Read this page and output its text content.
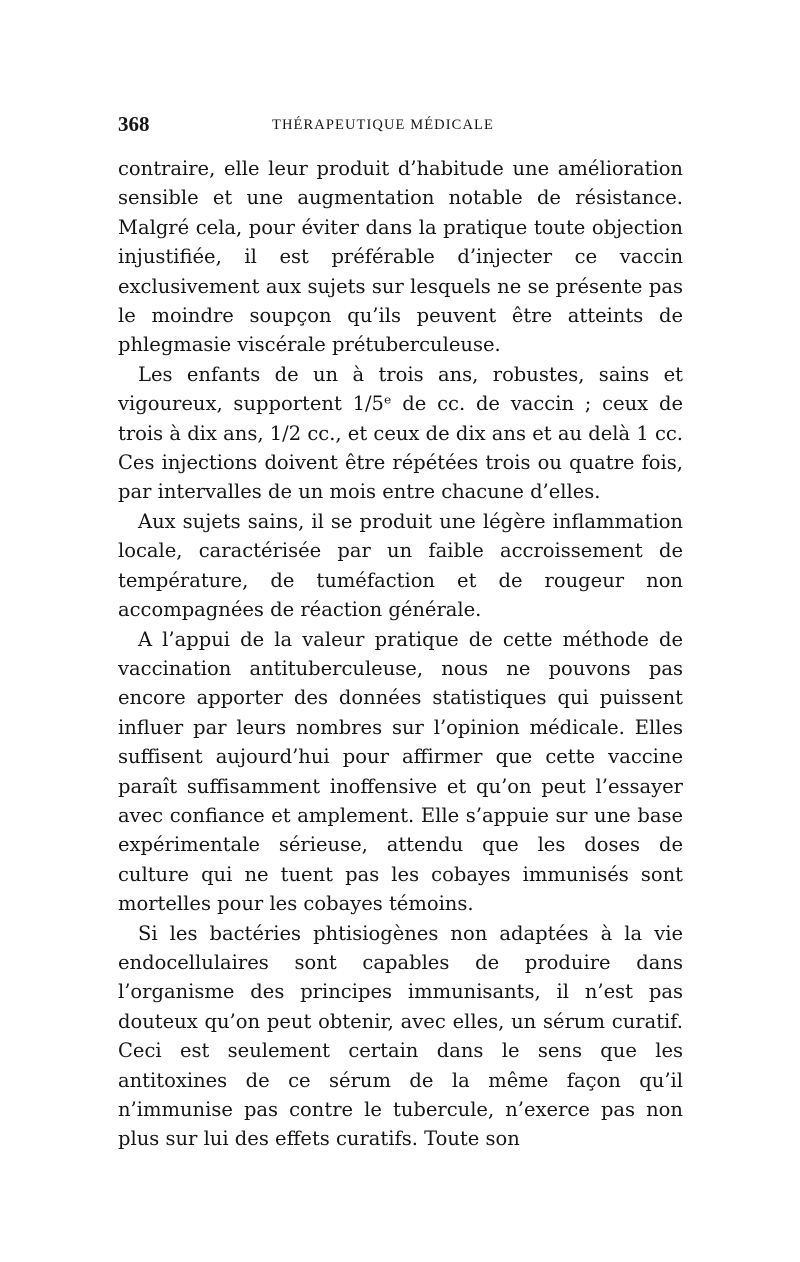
368	THÉRAPEUTIQUE MÉDICALE

contraire, elle leur produit d’habitude une amélioration sensible et une augmentation notable de résistance. Malgré cela, pour éviter dans la pratique toute objection injustifiée, il est préférable d’injecter ce vaccin exclusivement aux sujets sur lesquels ne se présente pas le moindre soupçon qu’ils peuvent être atteints de phlegmasie viscérale prétuberculeuse.

Les enfants de un à trois ans, robustes, sains et vigoureux, supportent 1/5ᵉ de cc. de vaccin ; ceux de trois à dix ans, 1/2 cc., et ceux de dix ans et au delà 1 cc. Ces injections doivent être répétées trois ou quatre fois, par intervalles de un mois entre chacune d’elles.

Aux sujets sains, il se produit une légère inflammation locale, caractérisée par un faible accroissement de température, de tuméfaction et de rougeur non accompagnées de réaction générale.

A l’appui de la valeur pratique de cette méthode de vaccination antituberculeuse, nous ne pouvons pas encore apporter des données statistiques qui puissent influer par leurs nombres sur l’opinion médicale. Elles suffisent aujourd’hui pour affirmer que cette vaccine paraît suffisamment inoffensive et qu’on peut l’essayer avec confiance et amplement. Elle s’appuie sur une base expérimentale sérieuse, attendu que les doses de culture qui ne tuent pas les cobayes immunisés sont mortelles pour les cobayes témoins.

Si les bactéries phtisiogènes non adaptées à la vie endocellulaires sont capables de produire dans l’organisme des principes immunisants, il n’est pas douteux qu’on peut obtenir, avec elles, un sérum curatif. Ceci est seulement certain dans le sens que les antitoxines de ce sérum de la même façon qu’il n’immunise pas contre le tubercule, n’exerce pas non plus sur lui des effets curatifs. Toute son
